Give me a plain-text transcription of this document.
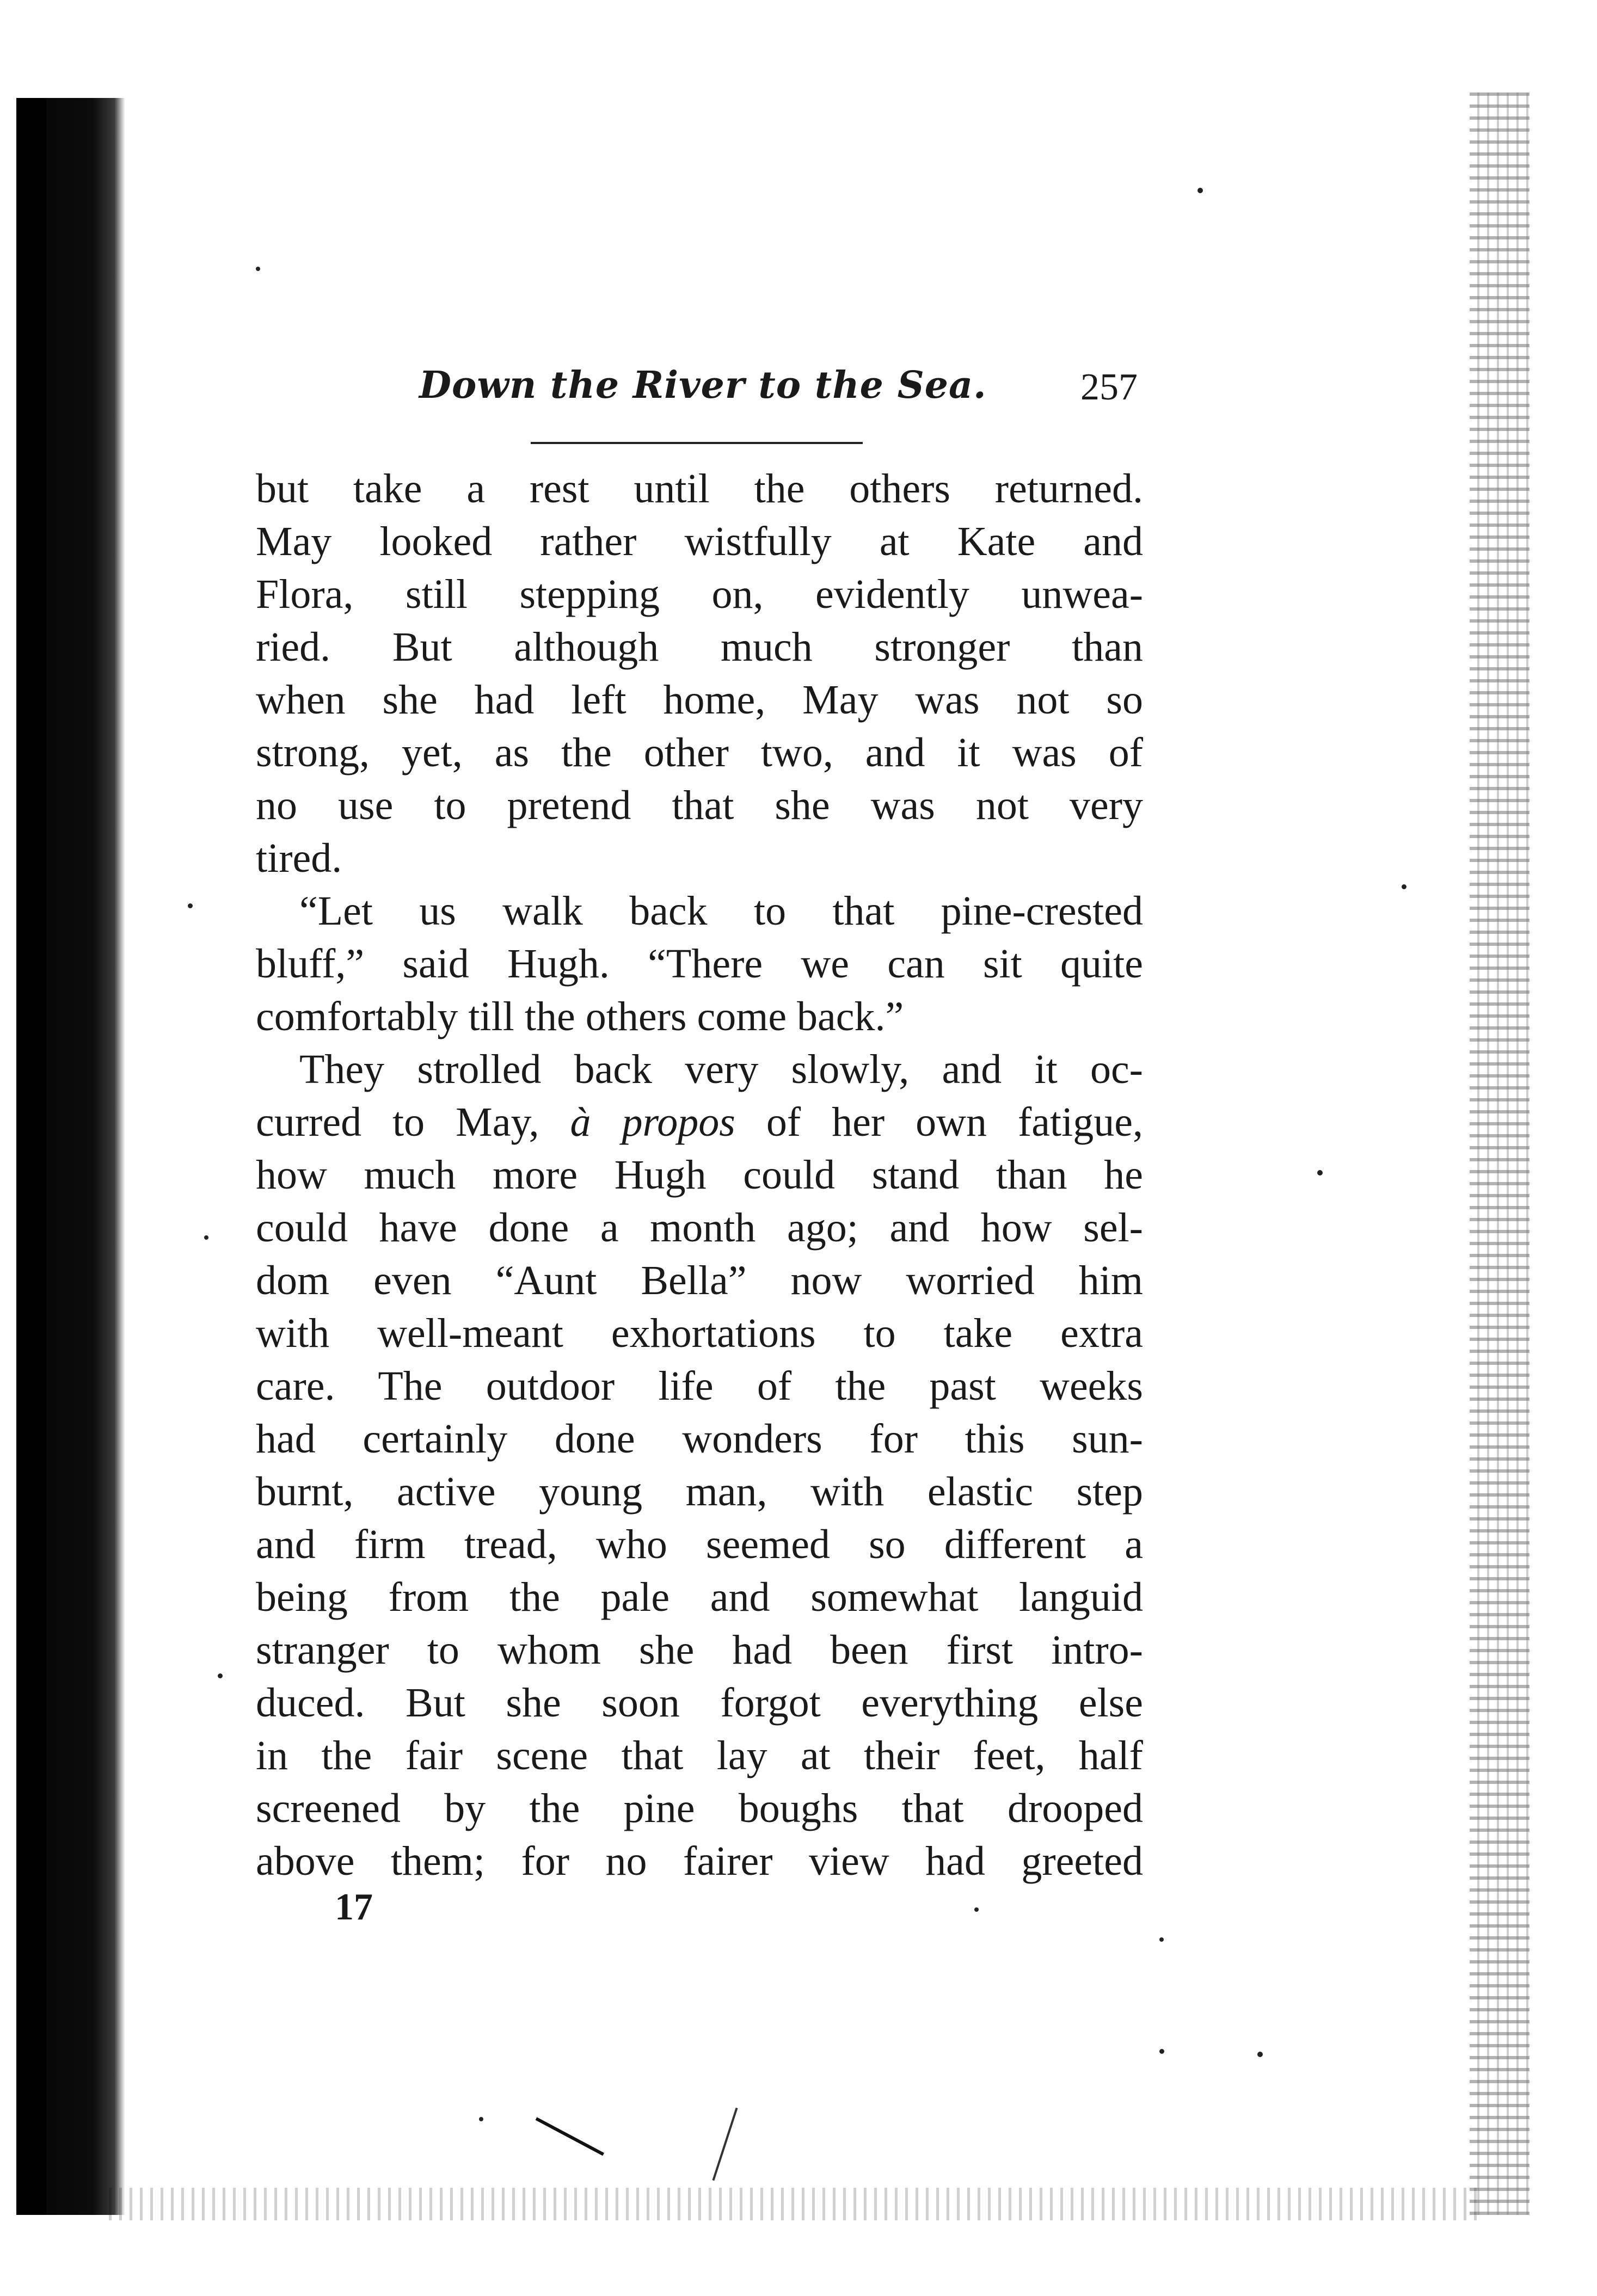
Down the River to the Sea. 257
but take a rest until the others returned.
May looked rather wistfully at Kate and
Flora, still stepping on, evidently unwea-
ried. But although much stronger than
when she had left home, May was not so
strong, yet, as the other two, and it was of
no use to pretend that she was not very
tired.
“Let us walk back to that pine-crested
bluff,” said Hugh. “There we can sit quite
comfortably till the others come back.”
They strolled back very slowly, and it oc-
curred to May, à propos of her own fatigue,
how much more Hugh could stand than he
could have done a month ago; and how sel-
dom even “Aunt Bella” now worried him
with well-meant exhortations to take extra
care. The outdoor life of the past weeks
had certainly done wonders for this sun-
burnt, active young man, with elastic step
and firm tread, who seemed so different a
being from the pale and somewhat languid
stranger to whom she had been first intro-
duced. But she soon forgot everything else
in the fair scene that lay at their feet, half
screened by the pine boughs that drooped
above them; for no fairer view had greeted
17
